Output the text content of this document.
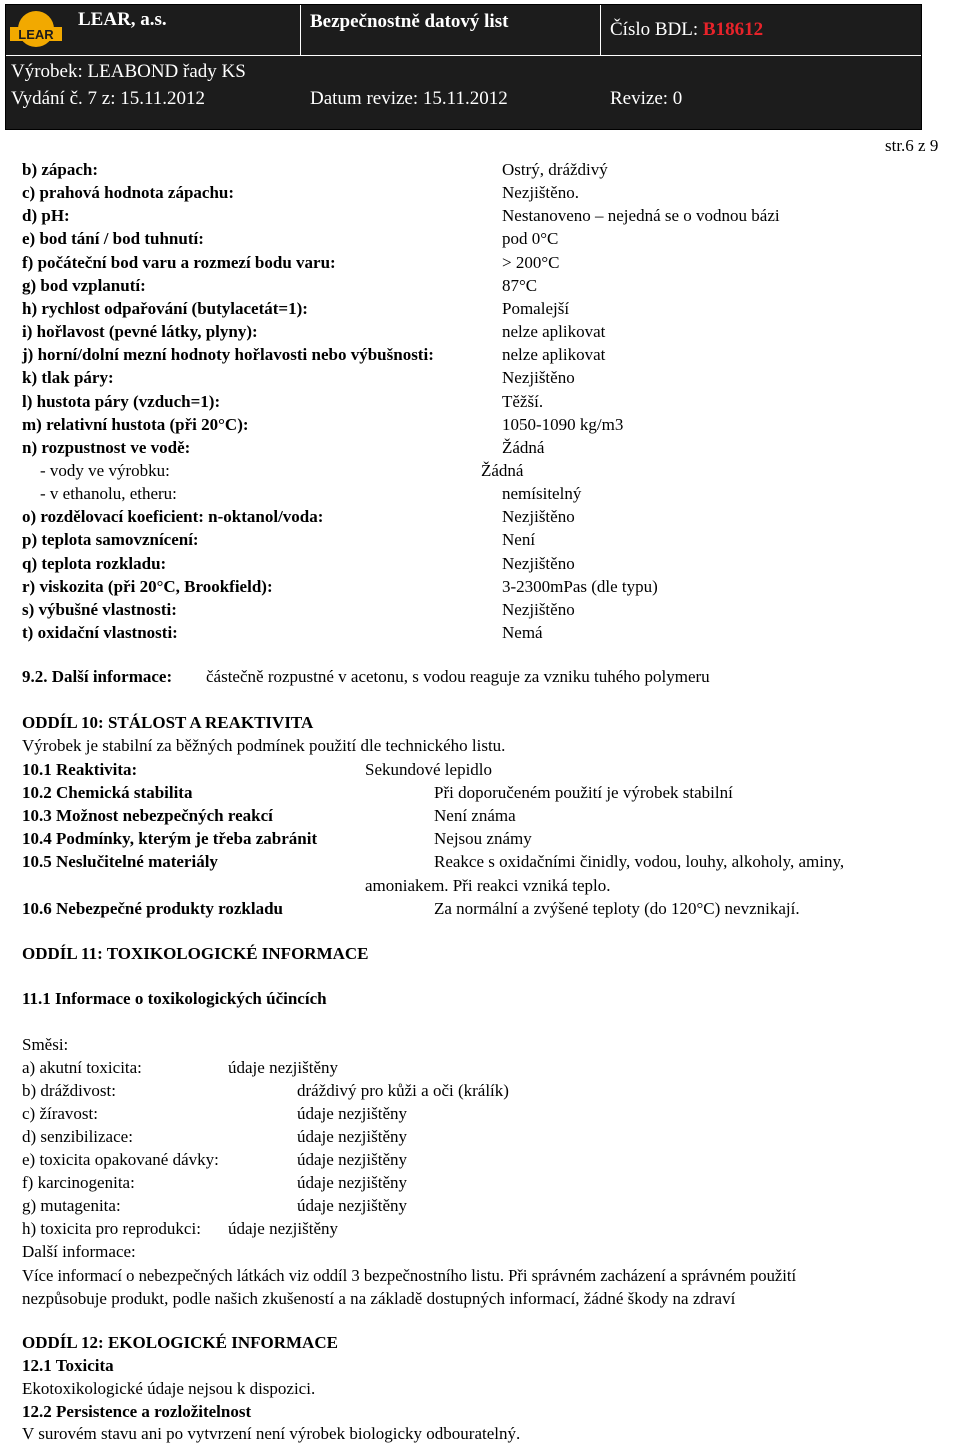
LEAR
LEAR, a.s.	Bezpečnostně datový list	Číslo BDL: B18612
Výrobek: LEABOND řady KS
Vydání č. 7 z: 15.11.2012	Datum revize: 15.11.2012	Revize: 0
str.6 z 9
b) zápach:	Ostrý, dráždivý
c) prahová hodnota zápachu:	Nezjištěno.
d) pH:	Nestanoveno – nejedná se o vodnou bázi
e) bod tání / bod tuhnutí:	pod 0°C
f) počáteční bod varu a rozmezí bodu varu:	> 200°C
g) bod vzplanutí:	87°C
h) rychlost odpařování (butylacetát=1):	Pomalejší
i) hořlavost (pevné látky, plyny):	nelze aplikovat
j) horní/dolní mezní hodnoty hořlavosti nebo výbušnosti:	nelze aplikovat
k) tlak páry:	Nezjištěno
l) hustota páry (vzduch=1):	Těžší.
m) relativní hustota (při 20°C):	1050-1090 kg/m3
n) rozpustnost ve vodě:	Žádná
- vody ve výrobku:	Žádná
- v ethanolu, etheru:	nemísitelný
o) rozdělovací koeficient: n-oktanol/voda:	Nezjištěno
p) teplota samovznícení:	Není
q) teplota rozkladu:	Nezjištěno
r) viskozita (při 20°C, Brookfield):	3-2300mPas (dle typu)
s) výbušné vlastnosti:	Nezjištěno
t) oxidační vlastnosti:	Nemá
9.2. Další informace: částečně rozpustné v acetonu, s vodou reaguje za vzniku tuhého polymeru
ODDÍL 10: STÁLOST A REAKTIVITA
Výrobek je stabilní za běžných podmínek použití dle technického listu.
10.1 Reaktivita:	Sekundové lepidlo
10.2 Chemická stabilita	Při doporučeném použití je výrobek stabilní
10.3 Možnost nebezpečných reakcí	Není známa
10.4 Podmínky, kterým je třeba zabránit	Nejsou známy
10.5 Neslučitelné materiály	Reakce s oxidačními činidly, vodou, louhy, alkoholy, aminy,
amoniakem. Při reakci vzniká teplo.
10.6 Nebezpečné produkty rozkladu	Za normální a zvýšené teploty (do 120°C) nevznikají.
ODDÍL 11: TOXIKOLOGICKÉ INFORMACE
11.1 Informace o toxikologických účincích
Směsi:
a) akutní toxicita:	údaje nezjištěny
b) dráždivost:	dráždivý pro kůži a oči (králík)
c) žíravost:	údaje nezjištěny
d) senzibilizace:	údaje nezjištěny
e) toxicita opakované dávky:	údaje nezjištěny
f) karcinogenita:	údaje nezjištěny
g) mutagenita:	údaje nezjištěny
h) toxicita pro reprodukci: údaje nezjištěny
Další informace:
Více informací o nebezpečných látkách viz oddíl 3 bezpečnostního listu. Při správném zacházení a správném použití
nezpůsobuje produkt, podle našich zkušeností a na základě dostupných informací, žádné škody na zdraví
ODDÍL 12: EKOLOGICKÉ INFORMACE
12.1 Toxicita
Ekotoxikologické údaje nejsou k dispozici.
12.2 Persistence a rozložitelnost
V surovém stavu ani po vytvrzení není výrobek biologicky odbouratelný.
